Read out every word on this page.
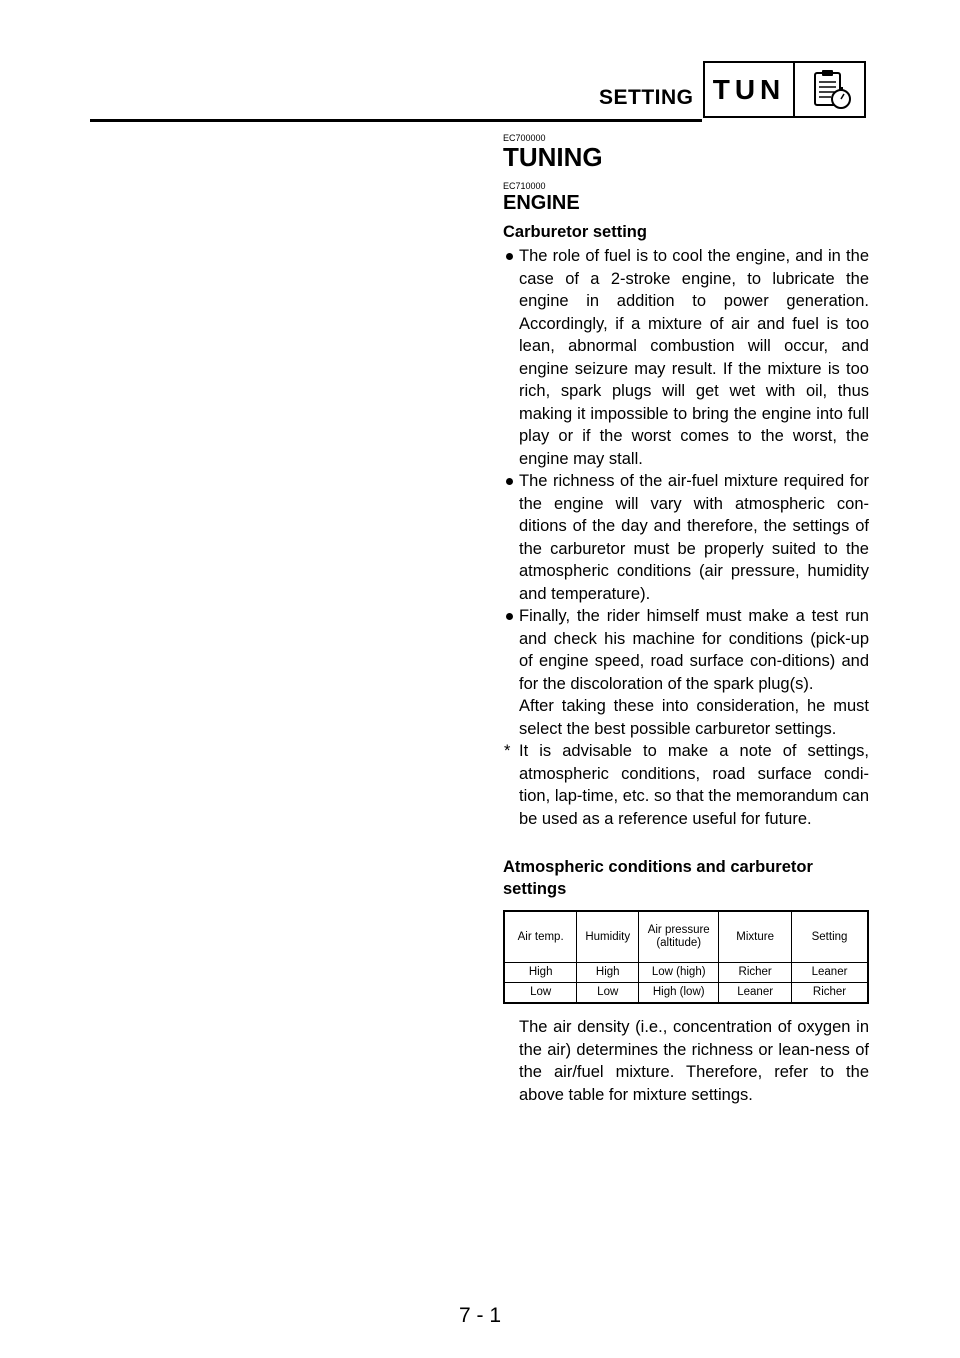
SETTING TUN
EC700000
TUNING
EC710000
ENGINE
Carburetor setting

The role of fuel is to cool the engine, and in the case of a 2-stroke engine, to lubricate the engine in addition to power generation. Accordingly, if a mixture of air and fuel is too lean, abnormal combustion will occur, and engine seizure may result. If the mixture is too rich, spark plugs will get wet with oil, thus making it impossible to bring the engine into full play or if the worst comes to the worst, the engine may stall.

The richness of the air-fuel mixture required for the engine will vary with atmospheric con-ditions of the day and therefore, the settings of the carburetor must be properly suited to the atmospheric conditions (air pressure, humidity and temperature).

Finally, the rider himself must make a test run and check his machine for conditions (pick-up of engine speed, road surface con-ditions) and for the discoloration of the spark plug(s).

After taking these into consideration, he must select the best possible carburetor settings.

* It is advisable to make a note of settings, atmospheric conditions, road surface condi-tion, lap-time, etc. so that the memorandum can be used as a reference useful for future.

Atmospheric conditions and carburetor settings
Air temp.	Humidity	Air pressure (altitude)	Mixture	Setting
High	High	Low (high)	Richer	Leaner
Low	Low	High (low)	Leaner	Richer

The air density (i.e., concentration of oxygen in the air) determines the richness or lean-ness of the air/fuel mixture. Therefore, refer to the above table for mixture settings.

7 - 1
